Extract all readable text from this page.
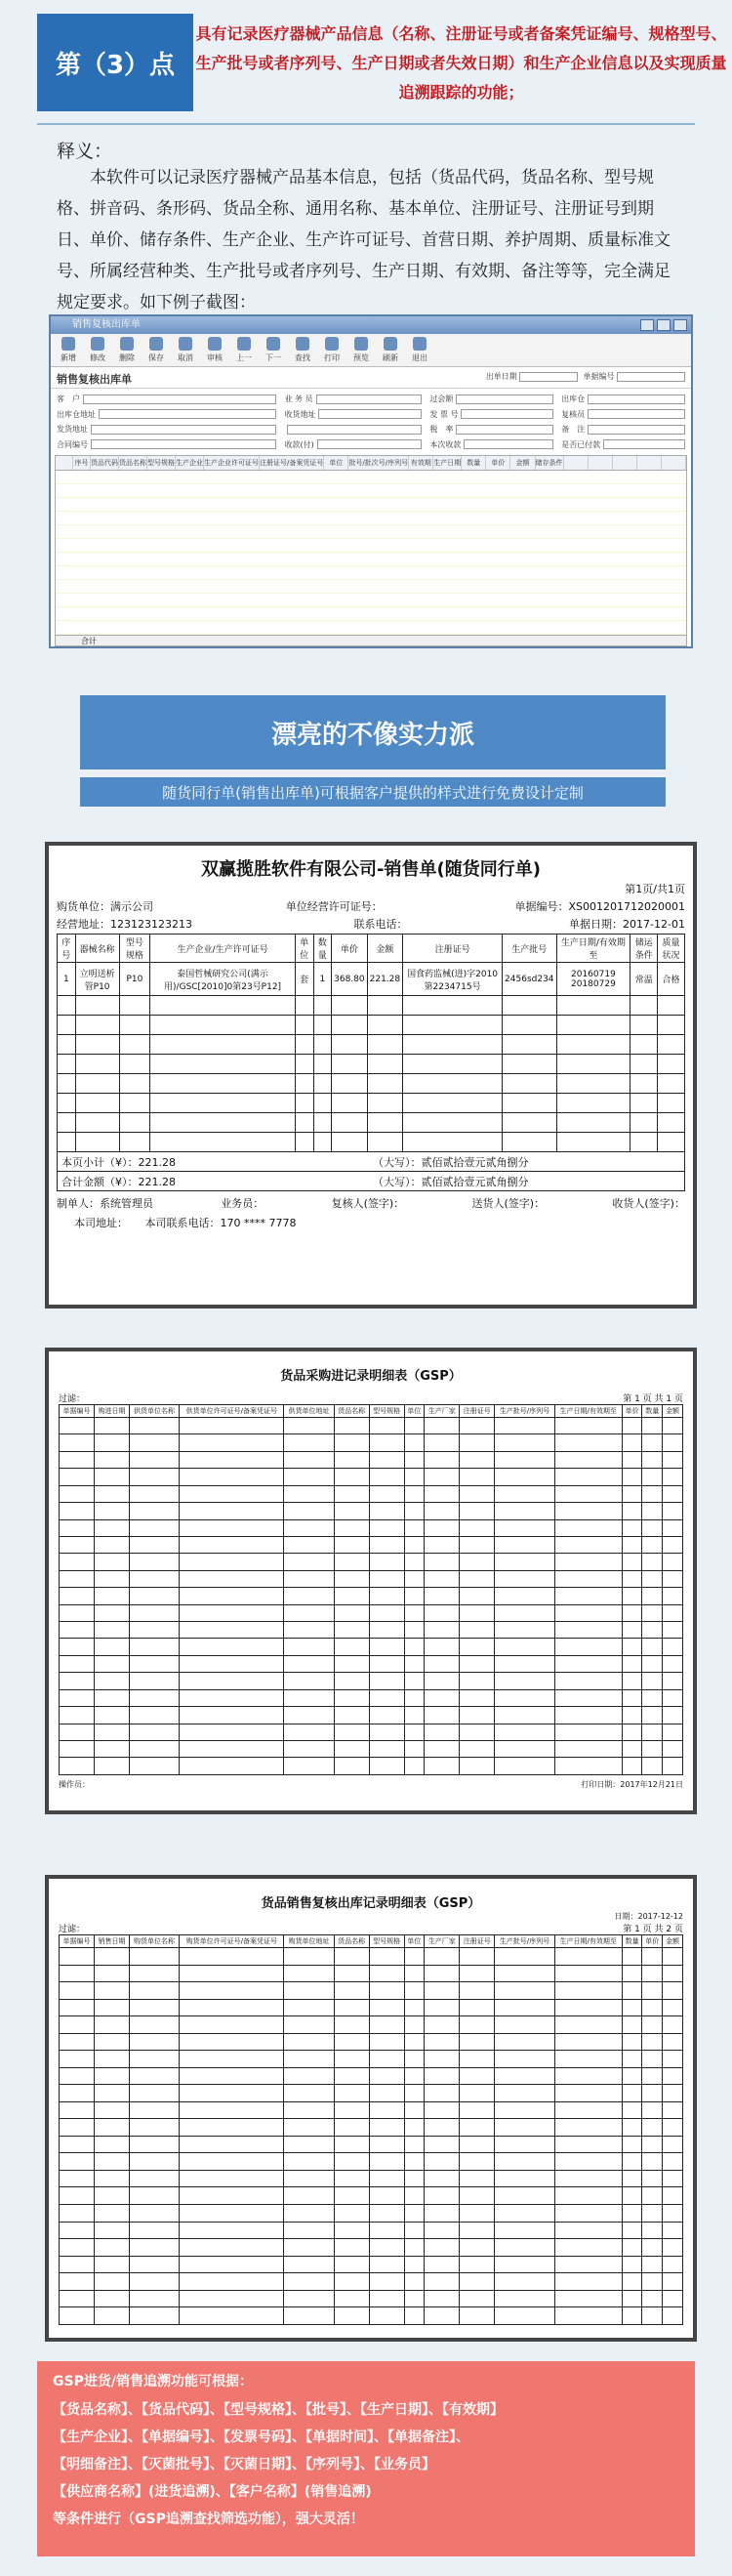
第（3）点
具有记录医疗器械产品信息（名称、注册证号或者备案凭证编号、规格型号、生产批号或者序列号、生产日期或者失效日期）和生产企业信息以及实现质量追溯跟踪的功能；
释义：
本软件可以记录医疗器械产品基本信息，包括（货品代码，货品名称、型号规格、拼音码、条形码、货品全称、通用名称、基本单位、注册证号、注册证号到期日、单价、储存条件、生产企业、生产许可证号、首营日期、养护周期、质量标准文号、所属经营种类、生产批号或者序列号、生产日期、有效期、备注等等，完全满足规定要求。如下例子截图：
销售复核出库单
新增 修改 删除 保存 取消 审核 上一 下一 查找 打印 预览 刷新 退出
销售复核出库单	出单日期	单据编号
客　户	业 务 员	过会额	出库仓
出库仓地址	收货地址	发 票 号	复核员
发货地址	税　率	备　注
合同编号	收款(付)	本次收款	是否已付款
序号 货品代码 货品名称 型号规格 生产企业 生产企业许可证号 注册证号/备案凭证号 单位 批号/批次号/序列号 有效期 生产日期 数量	单价	金额 储存条件
合计
漂亮的不像实力派
随货同行单(销售出库单)可根据客户提供的样式进行免费设计定制
双赢揽胜软件有限公司-销售单(随货同行单)
第1页/共1页
购货单位：满示公司	单位经营许可证号：	单据编号：XS001201712020001
经营地址：123123123213	联系电话：	单据日期：2017-12-01
序号	器械名称	型号规格	生产企业/生产许可证号	单位	数量	单价	金额	注册证号	生产批号	生产日期/有效期至	储运条件	质量状况
1	立明送析管P10	P10	泰国哲械研究公司(满示用)/GSC[2010]0第23号P12]	套	1	368.80	221.28	国食药监械(进)字2010第2234715号	2456sd234	20160719 20180729	常温	合格

本页小计（¥）：221.28	（大写）：贰佰贰拾壹元贰角捌分
合计金额（¥）：221.28	（大写）：贰佰贰拾壹元贰角捌分
制单人：系统管理员	业务员：	复核人(签字)：	送货人(签字)：	收货人(签字)：
本司地址： 本司联系电话：170 **** 7778
货品采购进记录明细表（GSP）
过滤：	第 1 页 共 1 页
单据编号	购进日期	供货单位名称	供货单位许可证号/备案凭证号	供货单位地址	货品名称	型号规格	单位	生产厂家	注册证号	生产批号/序列号	生产日期/有效期至	单价	数量	金额

操作员：	打印日期：2017年12月21日
货品销售复核出库记录明细表（GSP）
日期：2017-12-12
过滤：	第 1 页 共 2 页
单据编号	销售日期	购货单位名称	购货单位许可证号/备案凭证号	购货单位地址	货品名称	型号规格	单位	生产厂家	注册证号	生产批号/序列号	生产日期/有效期至	数量	单价	金额

GSP进货/销售追溯功能可根据：
【货品名称】、【货品代码】、【型号规格】、【批号】、【生产日期】、【有效期】
【生产企业】、【单据编号】、【发票号码】、【单据时间】、【单据备注】、
【明细备注】、【灭菌批号】、【灭菌日期】、【序列号】、【业务员】
【供应商名称】(进货追溯)、【客户名称】(销售追溯)
等条件进行（GSP追溯查找筛选功能），强大灵活！
